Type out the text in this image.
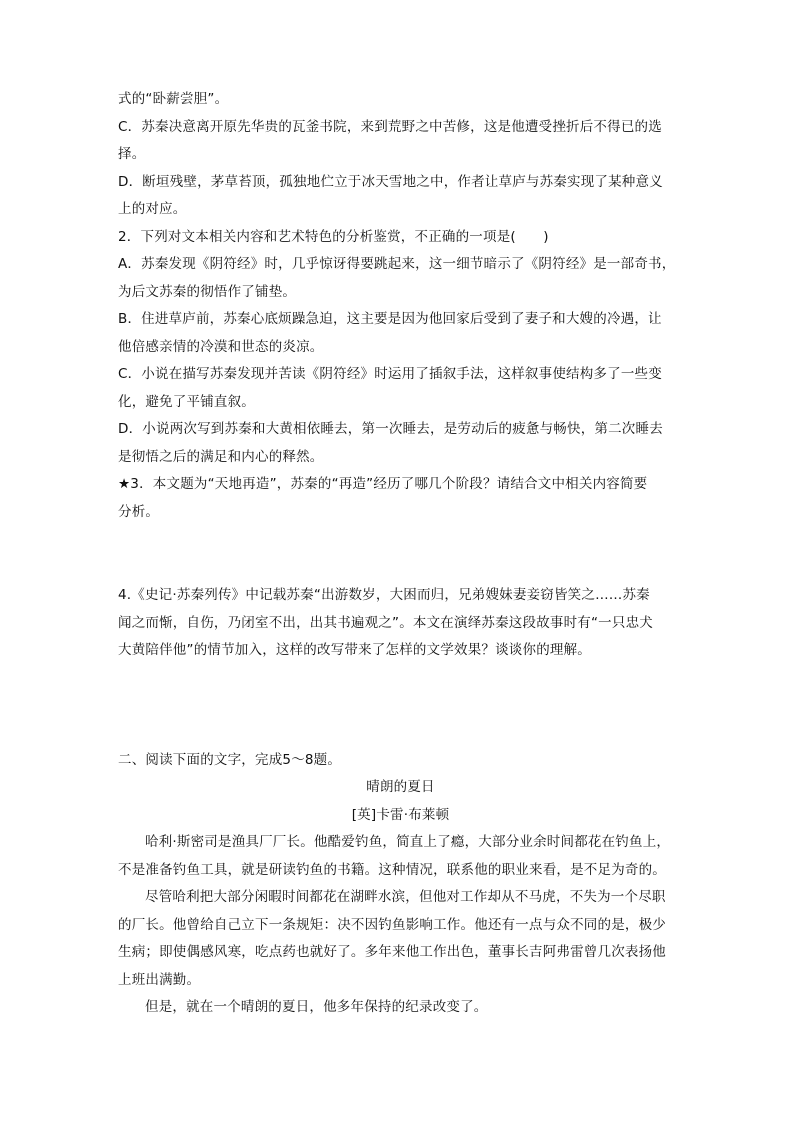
式的“卧薪尝胆”。
C．苏秦决意离开原先华贵的瓦釜书院，来到荒野之中苦修，这是他遭受挫折后不得已的选
择。
D．断垣残壁，茅草苔顶，孤独地伫立于冰天雪地之中，作者让草庐与苏秦实现了某种意义
上的对应。
2．下列对文本相关内容和艺术特色的分析鉴赏，不正确的一项是(　　)
A．苏秦发现《阴符经》时，几乎惊讶得要跳起来，这一细节暗示了《阴符经》是一部奇书，
为后文苏秦的彻悟作了铺垫。
B．住进草庐前，苏秦心底烦躁急迫，这主要是因为他回家后受到了妻子和大嫂的冷遇，让
他倍感亲情的冷漠和世态的炎凉。
C．小说在描写苏秦发现并苦读《阴符经》时运用了插叙手法，这样叙事使结构多了一些变
化，避免了平铺直叙。
D．小说两次写到苏秦和大黄相依睡去，第一次睡去，是劳动后的疲惫与畅快，第二次睡去
是彻悟之后的满足和内心的释然。
★3．本文题为“天地再造”，苏秦的“再造”经历了哪几个阶段？请结合文中相关内容简要
分析。
4.《史记·苏秦列传》中记载苏秦“出游数岁，大困而归，兄弟嫂妹妻妾窃皆笑之……苏秦
闻之而惭，自伤，乃闭室不出，出其书遍观之”。本文在演绎苏秦这段故事时有“一只忠犬
大黄陪伴他”的情节加入，这样的改写带来了怎样的文学效果？谈谈你的理解。
二、阅读下面的文字，完成5～8题。
晴朗的夏日
[英]卡雷·布莱顿
哈利·斯密司是渔具厂厂长。他酷爱钓鱼，简直上了瘾，大部分业余时间都花在钓鱼上，
不是准备钓鱼工具，就是研读钓鱼的书籍。这种情况，联系他的职业来看，是不足为奇的。
尽管哈利把大部分闲暇时间都花在湖畔水滨，但他对工作却从不马虎，不失为一个尽职
的厂长。他曾给自己立下一条规矩：决不因钓鱼影响工作。他还有一点与众不同的是，极少
生病；即使偶感风寒，吃点药也就好了。多年来他工作出色，董事长吉阿弗雷曾几次表扬他
上班出满勤。
但是，就在一个晴朗的夏日，他多年保持的纪录改变了。
